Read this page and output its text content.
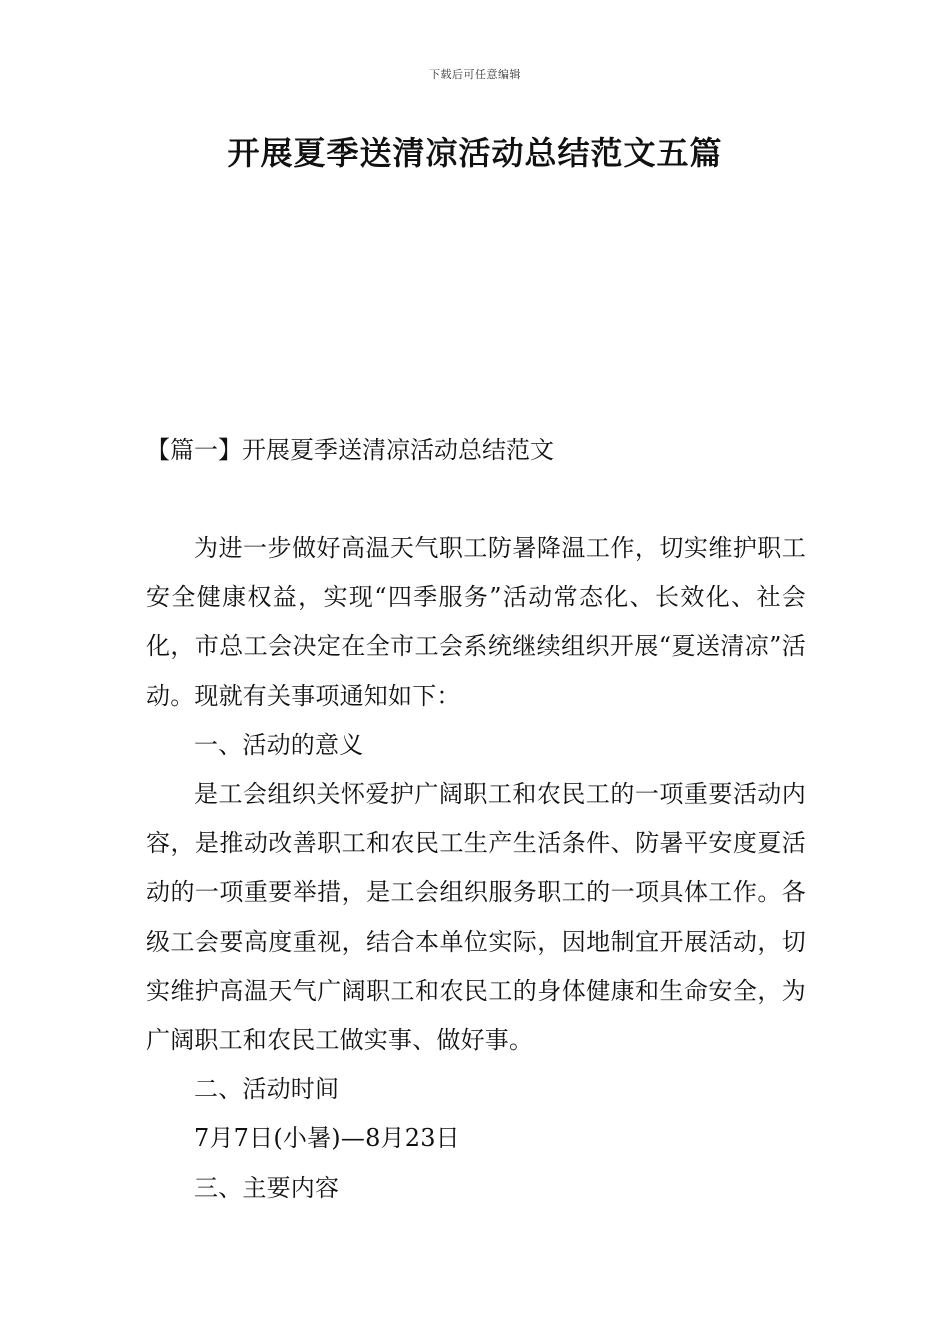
下载后可任意编辑
开展夏季送清凉活动总结范文五篇
【篇一】开展夏季送清凉活动总结范文

为进一步做好高温天气职工防暑降温工作，切实维护职工安全健康权益，实现“四季服务”活动常态化、长效化、社会化，市总工会决定在全市工会系统继续组织开展“夏送清凉”活动。现就有关事项通知如下：

一、活动的意义

是工会组织关怀爱护广阔职工和农民工的一项重要活动内容，是推动改善职工和农民工生产生活条件、防暑平安度夏活动的一项重要举措，是工会组织服务职工的一项具体工作。各级工会要高度重视，结合本单位实际，因地制宜开展活动，切实维护高温天气广阔职工和农民工的身体健康和生命安全，为广阔职工和农民工做实事、做好事。

二、活动时间

7月7日(小暑)—8月23日

三、主要内容
